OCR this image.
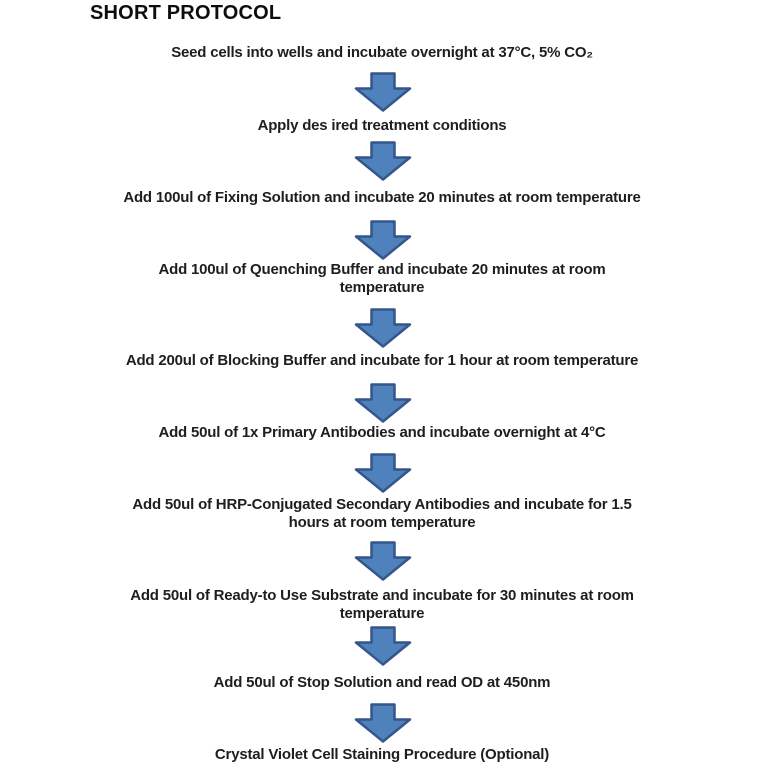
SHORT PROTOCOL
Seed cells into wells and incubate overnight at 37°C, 5% CO₂
Apply des ired treatment conditions
Add 100ul of Fixing Solution and incubate 20 minutes at room temperature
Add 100ul of Quenching Buffer and incubate 20 minutes at room
temperature
Add 200ul of Blocking Buffer and incubate for 1 hour at room temperature
Add 50ul of 1x Primary Antibodies and incubate overnight at 4°C
Add 50ul of HRP-Conjugated Secondary Antibodies and incubate for 1.5
hours at room temperature
Add 50ul of Ready-to Use Substrate and incubate for 30 minutes at room
temperature
Add 50ul of Stop Solution and read OD at 450nm
Crystal Violet Cell Staining Procedure (Optional)
